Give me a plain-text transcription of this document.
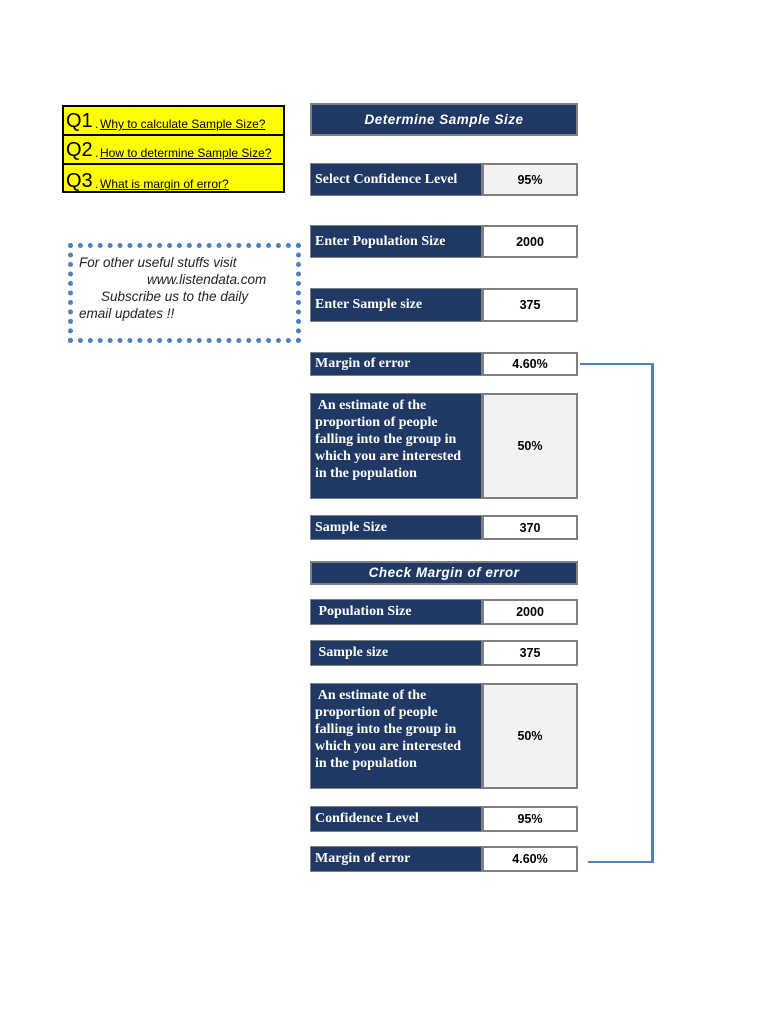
Q1 . Why to calculate Sample Size?
Q2 . How to determine Sample Size?
Q3 . What is margin of error?
For other useful stuffs visit
www.listendata.com
Subscribe us to the daily
email updates !!
Determine Sample Size
Select Confidence Level	95%
Enter Population Size	2000
Enter Sample size	375
Margin of error	4.60%
An estimate of the
proportion of people
falling into the group in
which you are interested
in the population
50%
Sample Size	370
Check Margin of error
Population Size	2000
Sample size	375
An estimate of the
proportion of people
falling into the group in
which you are interested
in the population
50%
Confidence Level	95%
Margin of error	4.60%
